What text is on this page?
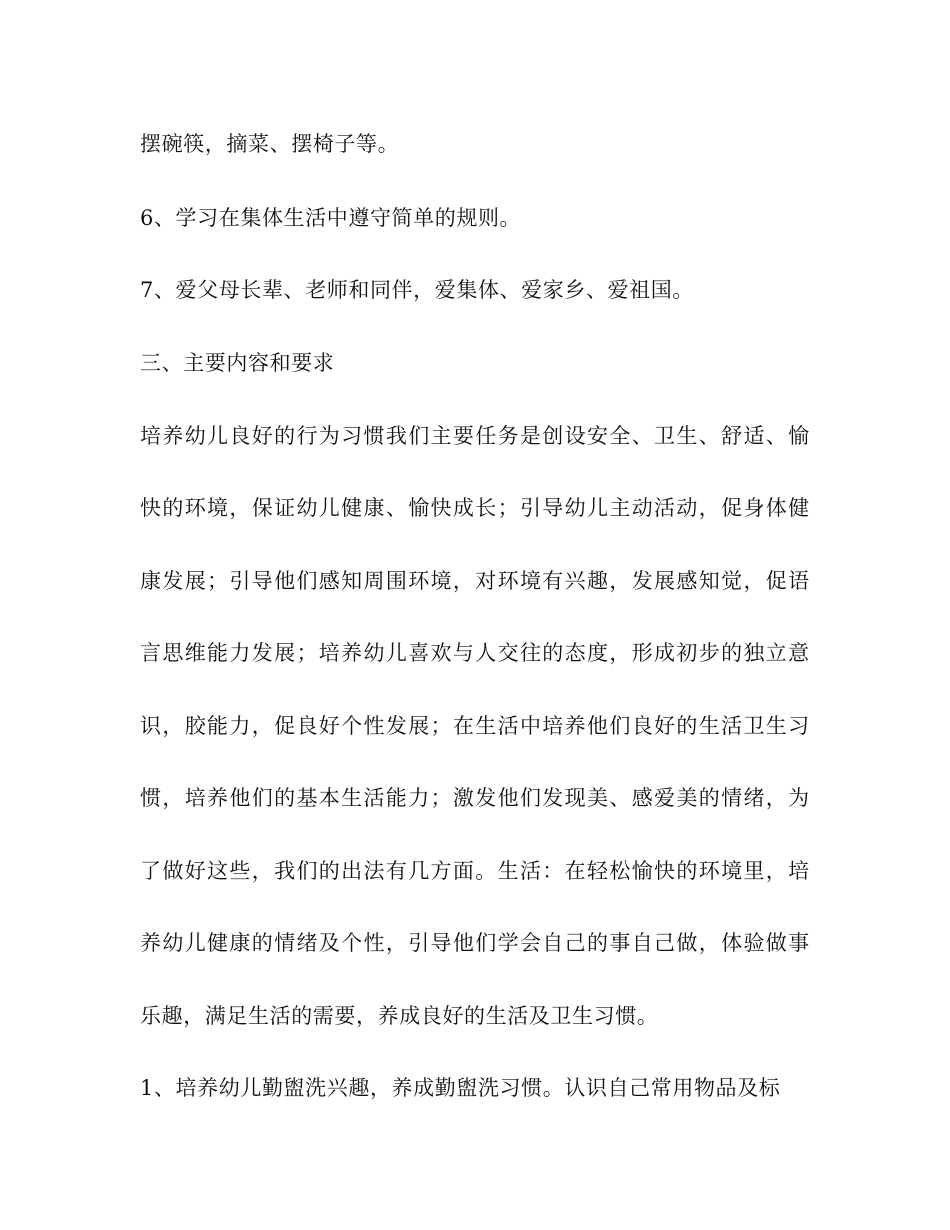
摆碗筷，摘菜、摆椅子等。
6、学习在集体生活中遵守简单的规则。
7、爱父母长辈、老师和同伴，爱集体、爱家乡、爱祖国。
三、主要内容和要求
培养幼儿良好的行为习惯我们主要任务是创设安全、卫生、舒适、愉
快的环境，保证幼儿健康、愉快成长；引导幼儿主动活动，促身体健
康发展；引导他们感知周围环境，对环境有兴趣，发展感知觉，促语
言思维能力发展；培养幼儿喜欢与人交往的态度，形成初步的独立意
识，胶能力，促良好个性发展；在生活中培养他们良好的生活卫生习
惯，培养他们的基本生活能力；激发他们发现美、感爱美的情绪，为
了做好这些，我们的出法有几方面。生活：在轻松愉快的环境里，培
养幼儿健康的情绪及个性，引导他们学会自己的事自己做，体验做事
乐趣，满足生活的需要，养成良好的生活及卫生习惯。
1、培养幼儿勤盥洗兴趣，养成勤盥洗习惯。认识自己常用物品及标
